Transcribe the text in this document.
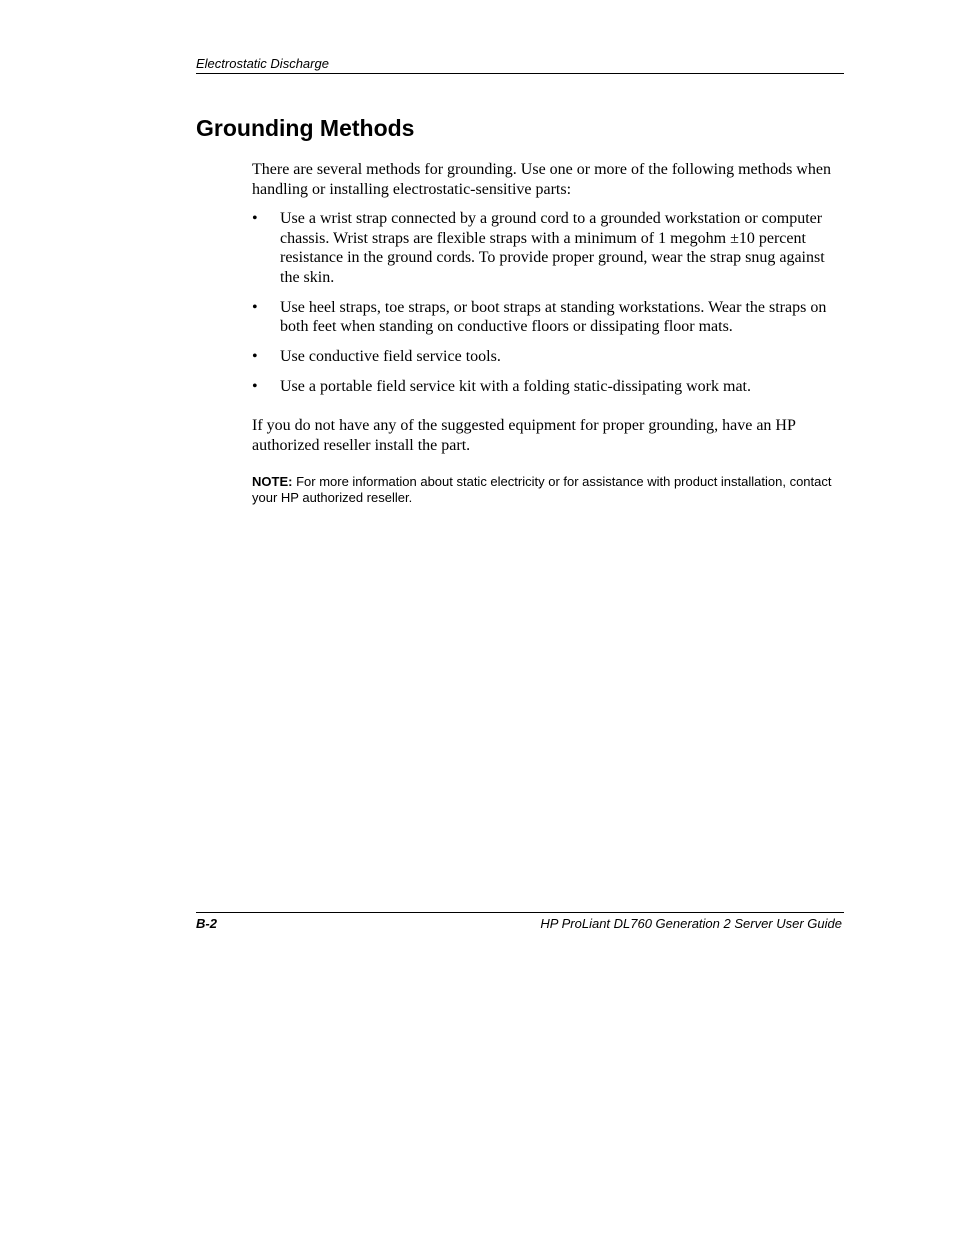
Electrostatic Discharge
Grounding Methods

There are several methods for grounding. Use one or more of the following methods when handling or installing electrostatic-sensitive parts:

• Use a wrist strap connected by a ground cord to a grounded workstation or computer chassis. Wrist straps are flexible straps with a minimum of 1 megohm ±10 percent resistance in the ground cords. To provide proper ground, wear the strap snug against the skin.
• Use heel straps, toe straps, or boot straps at standing workstations. Wear the straps on both feet when standing on conductive floors or dissipating floor mats.
• Use conductive field service tools.
• Use a portable field service kit with a folding static-dissipating work mat.

If you do not have any of the suggested equipment for proper grounding, have an HP authorized reseller install the part.

NOTE: For more information about static electricity or for assistance with product installation, contact your HP authorized reseller.

B-2	HP ProLiant DL760 Generation 2 Server User Guide
